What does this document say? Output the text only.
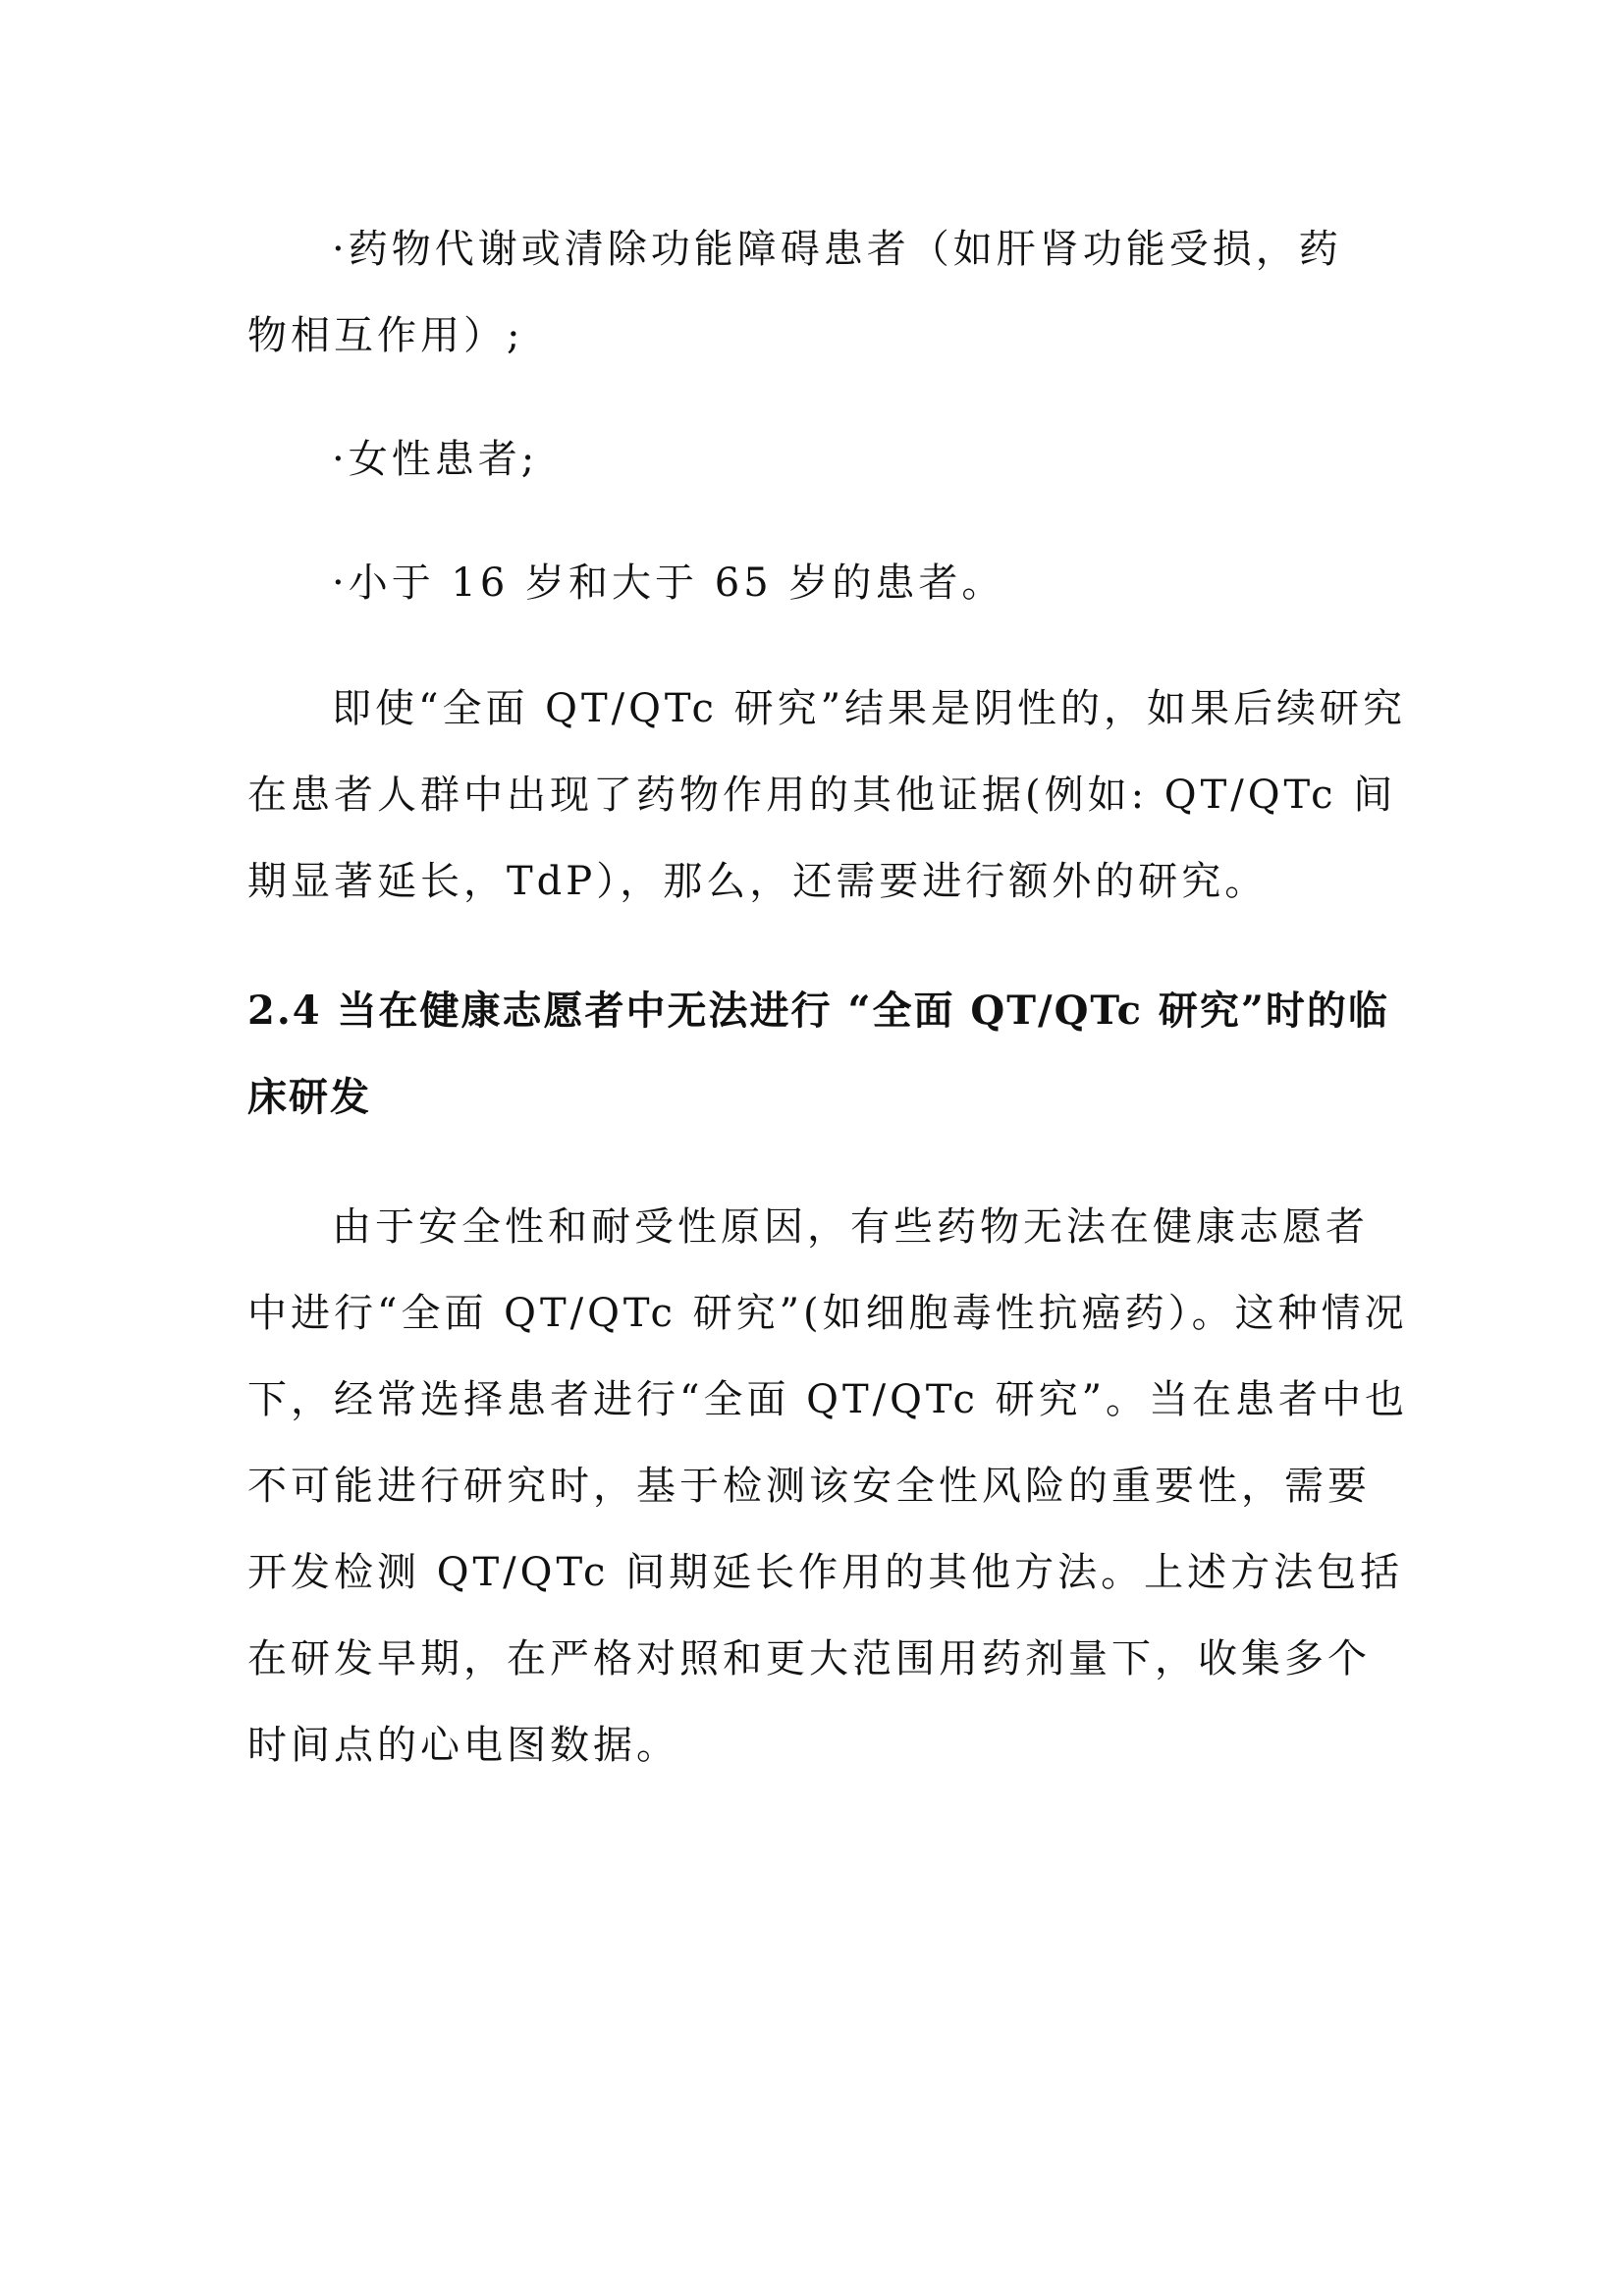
·药物代谢或清除功能障碍患者（如肝肾功能受损，药
物相互作用）;
·女性患者;
·小于 16 岁和大于 65 岁的患者。
即使“全面 QT/QTc 研究”结果是阴性的，如果后续研究
在患者人群中出现了药物作用的其他证据(例如: QT/QTc 间
期显著延长，TdP），那么，还需要进行额外的研究。
2.4 当在健康志愿者中无法进行 “全面 QT/QTc 研究”时的临
床研发
由于安全性和耐受性原因，有些药物无法在健康志愿者
中进行“全面 QT/QTc 研究”(如细胞毒性抗癌药）。这种情况
下，经常选择患者进行“全面 QT/QTc 研究”。当在患者中也
不可能进行研究时，基于检测该安全性风险的重要性，需要
开发检测 QT/QTc 间期延长作用的其他方法。上述方法包括
在研发早期，在严格对照和更大范围用药剂量下，收集多个
时间点的心电图数据。
